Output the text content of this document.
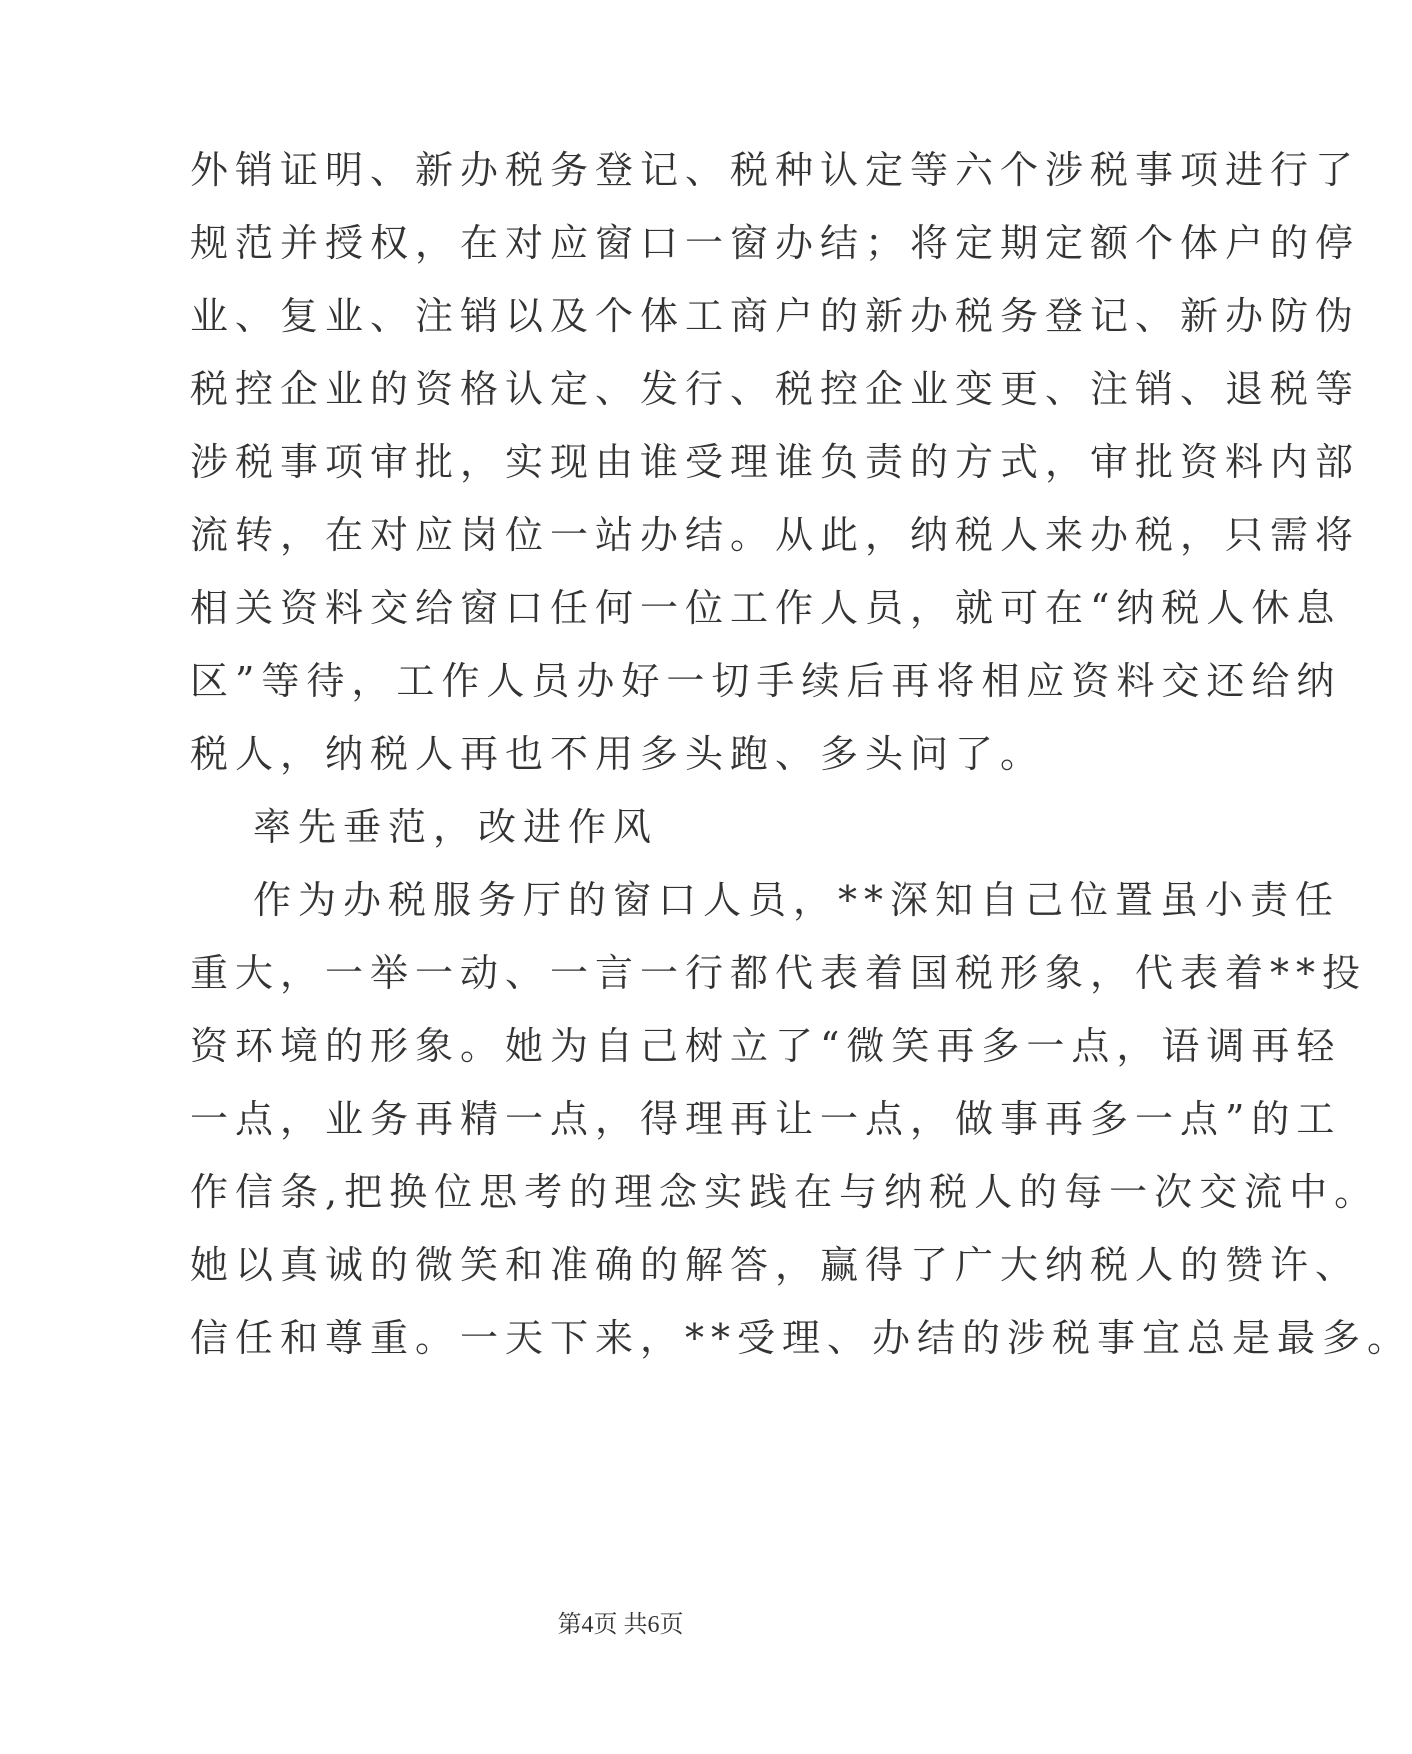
外销证明、新办税务登记、税种认定等六个涉税事项进行了
规范并授权，在对应窗口一窗办结；将定期定额个体户的停
业、复业、注销以及个体工商户的新办税务登记、新办防伪
税控企业的资格认定、发行、税控企业变更、注销、退税等
涉税事项审批，实现由谁受理谁负责的方式，审批资料内部
流转，在对应岗位一站办结。从此，纳税人来办税，只需将
相关资料交给窗口任何一位工作人员，就可在“纳税人休息
区”等待，工作人员办好一切手续后再将相应资料交还给纳
税人，纳税人再也不用多头跑、多头问了。
率先垂范，改进作风
作为办税服务厅的窗口人员，**深知自己位置虽小责任
重大，一举一动、一言一行都代表着国税形象，代表着**投
资环境的形象。她为自己树立了“微笑再多一点，语调再轻
一点，业务再精一点，得理再让一点，做事再多一点”的工
作信条,把换位思考的理念实践在与纳税人的每一次交流中。
她以真诚的微笑和准确的解答，赢得了广大纳税人的赞许、
信任和尊重。一天下来，**受理、办结的涉税事宜总是最多。
第4页 共6页
